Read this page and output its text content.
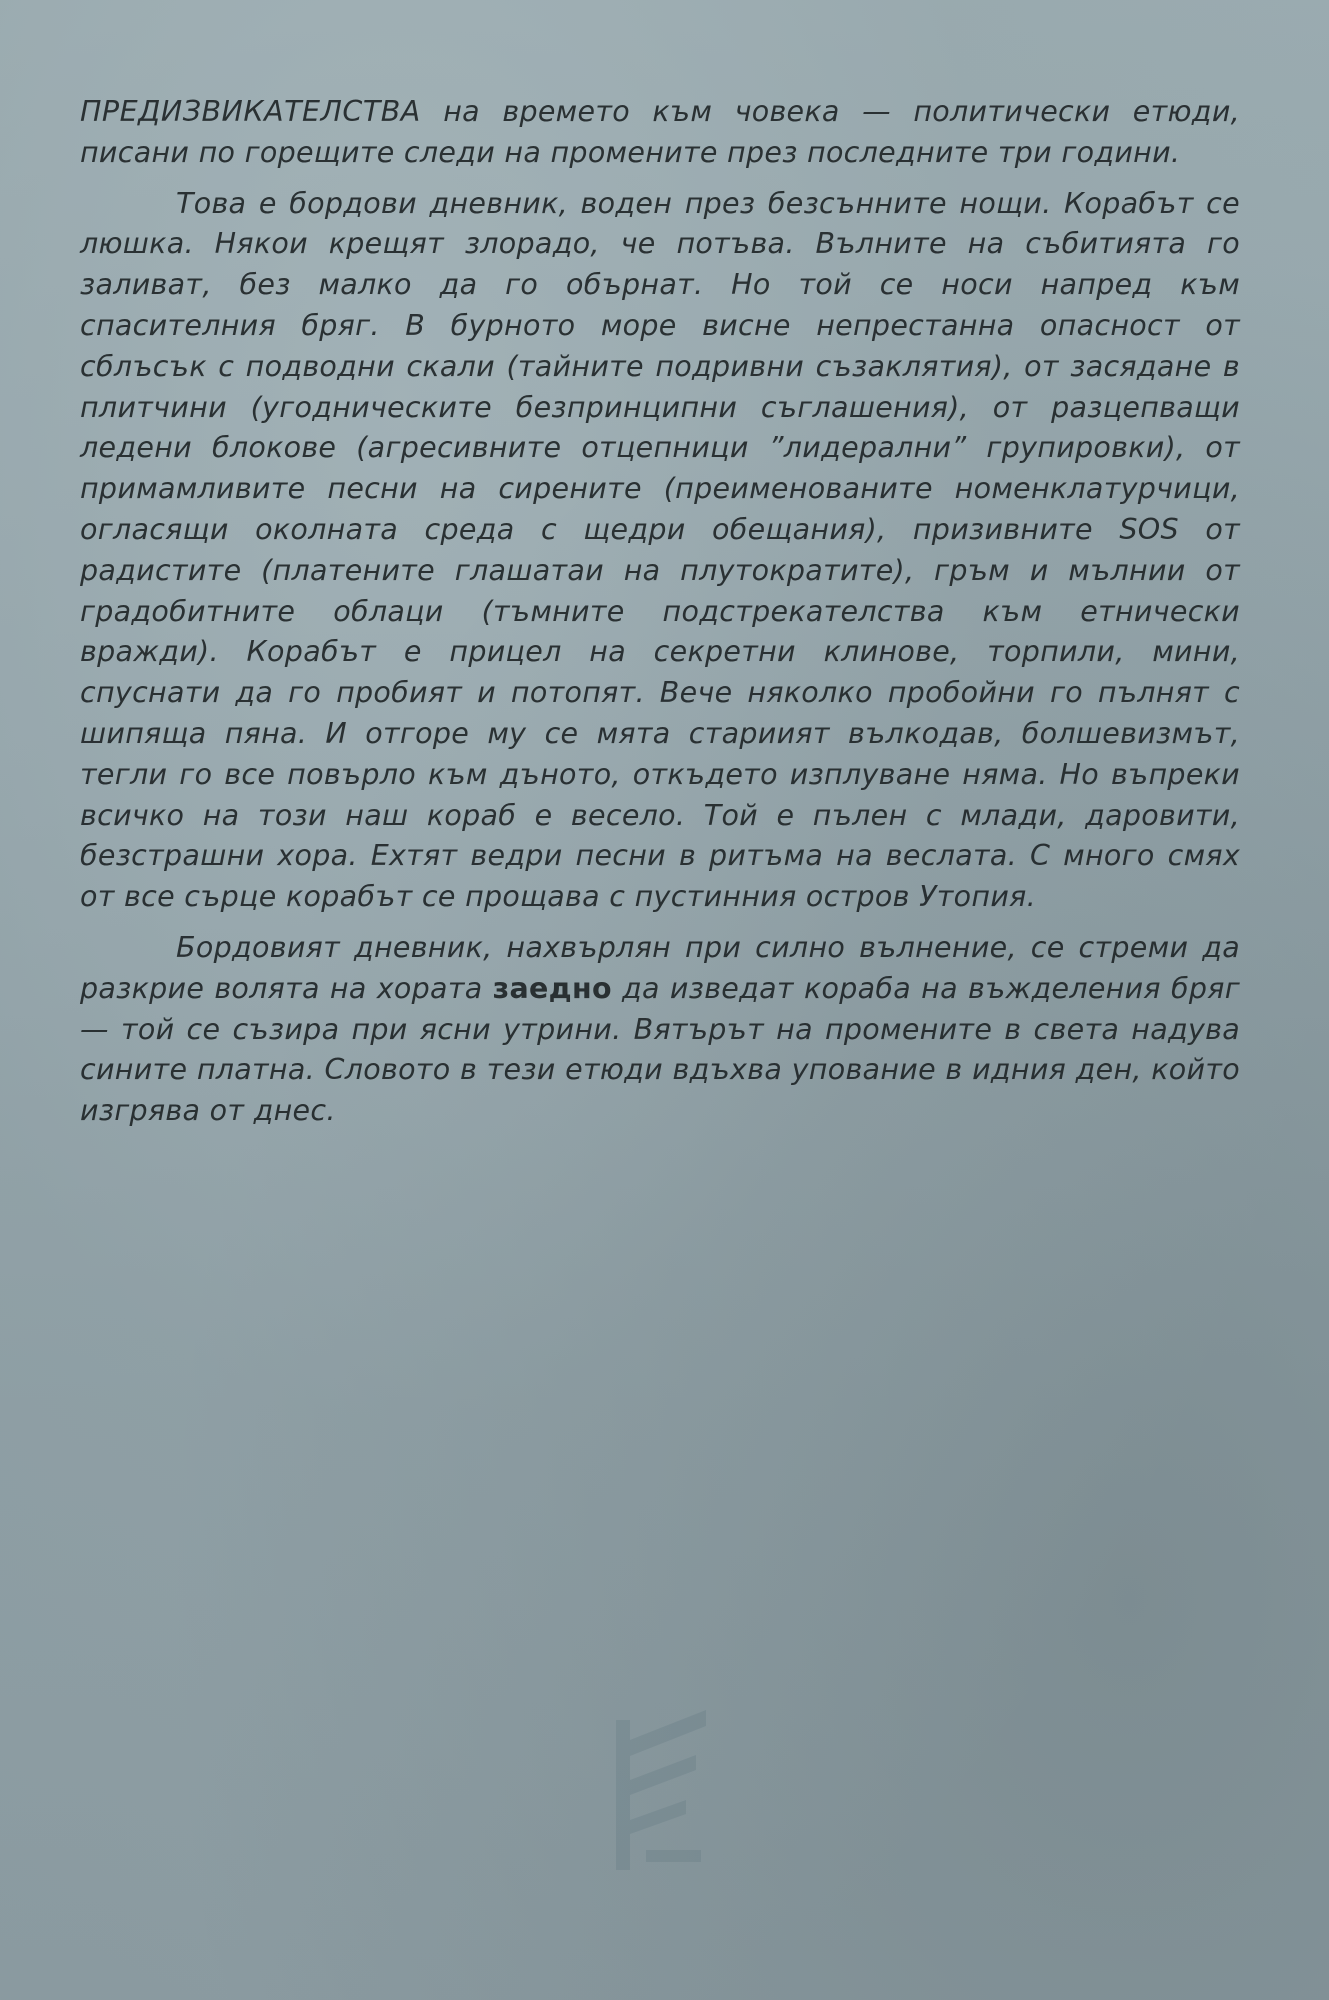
ПРЕДИЗВИКАТЕЛСТВА на времето към човека — политически етюди, писани по горещите следи на промените през последните три години.

Това е бордови дневник, воден през безсънните нощи. Корабът се люшка. Някои крещят злорадо, че потъва. Вълните на събитията го заливат, без малко да го обърнат. Но той се носи напред към спасителния бряг. В бурното море висне непрестанна опасност от сблъсък с подводни скали (тайните подривни съзаклятия), от засядане в плитчини (угодническите безпринципни съглашения), от разцепващи ледени блокове (агресивните отцепници ”лидерални” групировки), от примамливите песни на сирените (преименованите номенклатурчици, огласящи околната среда с щедри обещания), призивните SOS от радистите (платените глашатаи на плутократите), гръм и мълнии от градобитните облаци (тъмните подстрекателства към етнически вражди). Корабът е прицел на секретни клинове, торпили, мини, спуснати да го пробият и потопят. Вече няколко пробойни го пълнят с шипяща пяна. И отгоре му се мята стариият вълкодав, болшевизмът, тегли го все повърло към дъното, откъдето изплуване няма. Но въпреки всичко на този наш кораб е весело. Той е пълен с млади, даровити, безстрашни хора. Ехтят ведри песни в ритъма на веслата. С много смях от все сърце корабът се прощава с пустинния остров Утопия.

Бордовият дневник, нахвърлян при силно вълнение, се стреми да разкрие волята на хората заедно да изведат кораба на въжделения бряг — той се съзира при ясни утрини. Вятърът на промените в света надува сините платна. Словото в тези етюди вдъхва упование в идния ден, който изгрява от днес.
